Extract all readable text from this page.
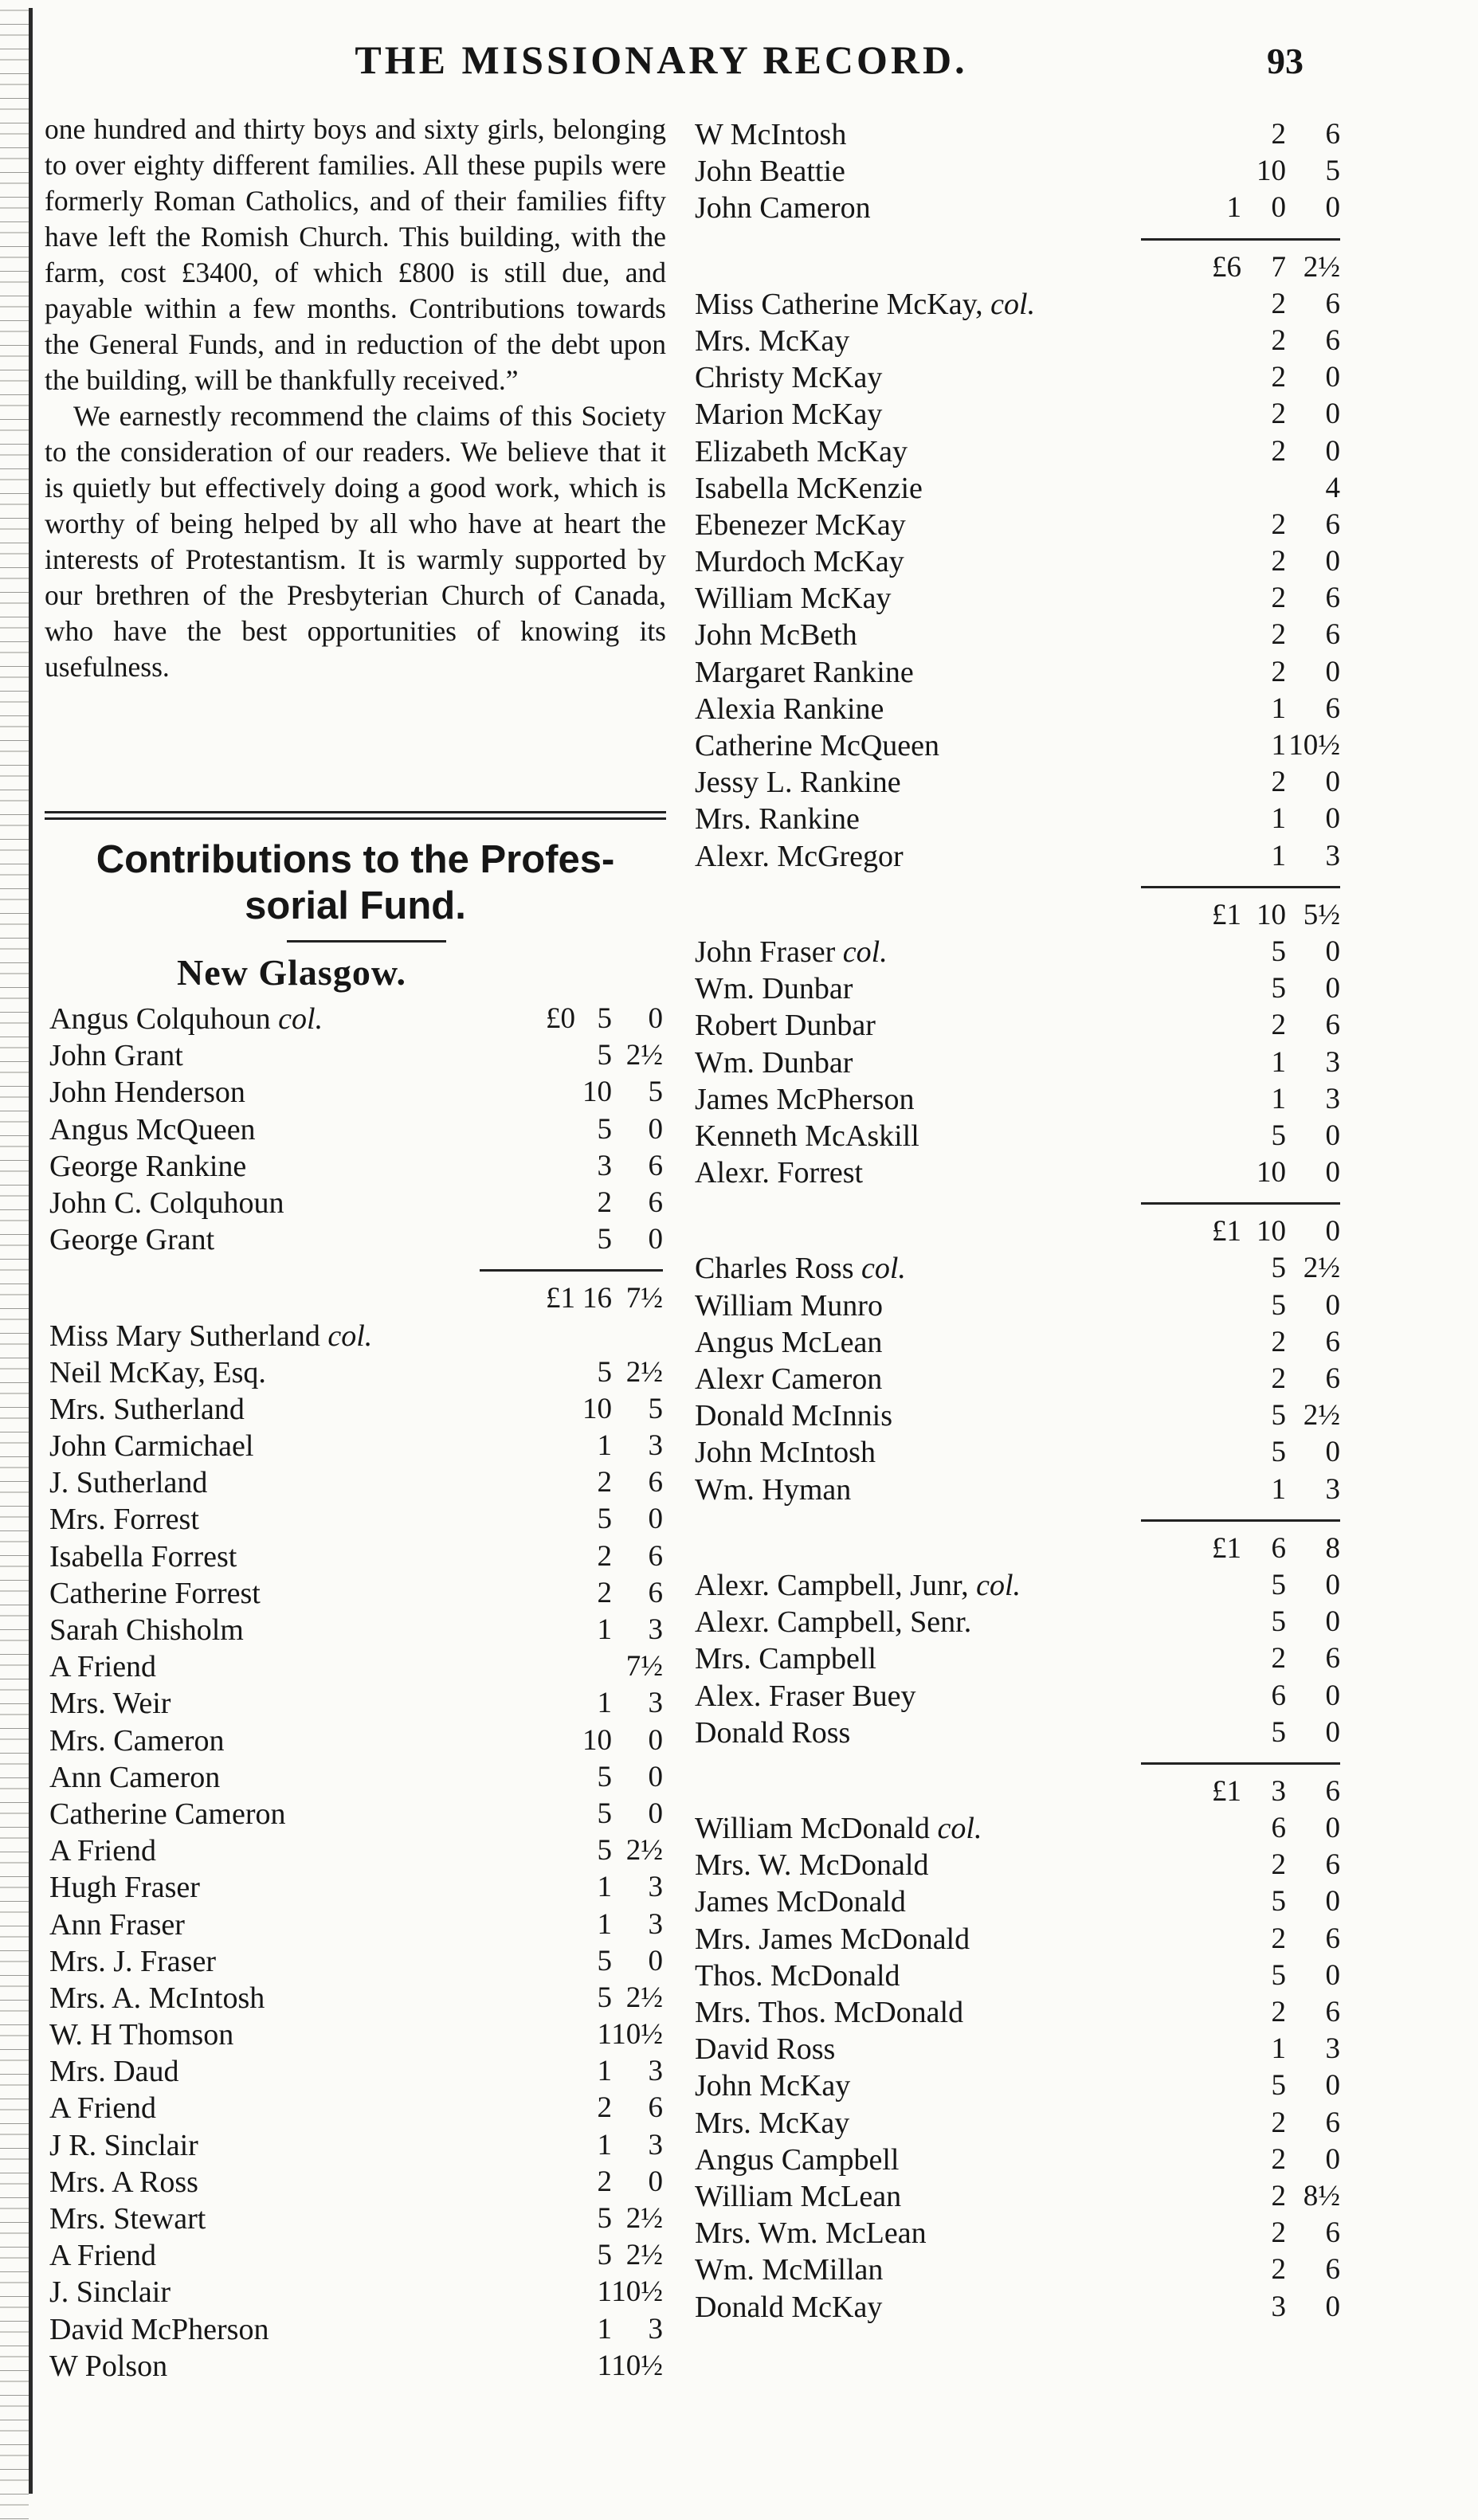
THE MISSIONARY RECORD.	93

one hundred and thirty boys and sixty girls, belonging to over eighty different families. All these pupils were formerly Roman Catholics, and of their families fifty have left the Romish Church. This building, with the farm, cost £3400, of which £800 is still due, and payable within a few months. Contributions towards the General Funds, and in reduction of the debt upon the building, will be thankfully received.”

We earnestly recommend the claims of this Society to the consideration of our readers. We believe that it is quietly but effectively doing a good work, which is worthy of being helped by all who have at heart the interests of Protestantism. It is warmly supported by our brethren of the Presbyterian Church of Canada, who have the best opportunities of knowing its usefulness.

Contributions to the Profes-
sorial Fund.
New Glasgow.
Angus Colquhoun col.	£0 5 0
John Grant	5 2½
John Henderson	10 5
Angus McQueen	5 0
George Rankine	3 6
John C. Colquhoun	2 6
George Grant	5 0
£1 16 7½
Miss Mary Sutherland col.
Neil McKay, Esq.	5 2½
Mrs. Sutherland	10 5
John Carmichael	1 3
J. Sutherland	2 6
Mrs. Forrest	5 0
Isabella Forrest	2 6
Catherine Forrest	2 6
Sarah Chisholm	1 3
A Friend	7½
Mrs. Weir	1 3
Mrs. Cameron	10 0
Ann Cameron	5 0
Catherine Cameron	5 0
A Friend	5 2½
Hugh Fraser	1 3
Ann Fraser	1 3
Mrs. J. Fraser	5 0
Mrs. A. McIntosh	5 2½
W. H Thomson	1 10½
Mrs. Daud	1 3
A Friend	2 6
J R. Sinclair	1 3
Mrs. A Ross	2 0
Mrs. Stewart	5 2½
A Friend	5 2½
J. Sinclair	1 10½
David McPherson	1 3
W Polson	1 10½
W McIntosh	2 6
John Beattie	10 5
John Cameron	1 0 0
£6 7 2½
Miss Catherine McKay, col.	2 6
Mrs. McKay	2 6
Christy McKay	2 0
Marion McKay	2 0
Elizabeth McKay	2 0
Isabella McKenzie	4
Ebenezer McKay	2 6
Murdoch McKay	2 0
William McKay	2 6
John McBeth	2 6
Margaret Rankine	2 0
Alexia Rankine	1 6
Catherine McQueen	1 10½
Jessy L. Rankine	2 0
Mrs. Rankine	1 0
Alexr. McGregor	1 3
£1 10 5½
John Fraser col.	5 0
Wm. Dunbar	5 0
Robert Dunbar	2 6
Wm. Dunbar	1 3
James McPherson	1 3
Kenneth McAskill	5 0
Alexr. Forrest	10 0
£1 10 0
Charles Ross col.	5 2½
William Munro	5 0
Angus McLean	2 6
Alexr Cameron	2 6
Donald McInnis	5 2½
John McIntosh	5 0
Wm. Hyman	1 3
£1 6 8
Alexr. Campbell, Junr, col.	5 0
Alexr. Campbell, Senr.	5 0
Mrs. Campbell	2 6
Alex. Fraser Buey	6 0
Donald Ross	5 0
£1 3 6
William McDonald col.	6 0
Mrs. W. McDonald	2 6
James McDonald	5 0
Mrs. James McDonald	2 6
Thos. McDonald	5 0
Mrs. Thos. McDonald	2 6
David Ross	1 3
John McKay	5 0
Mrs. McKay	2 6
Angus Campbell	2 0
William McLean	2 8½
Mrs. Wm. McLean	2 6
Wm. McMillan	2 6
Donald McKay	3 0
